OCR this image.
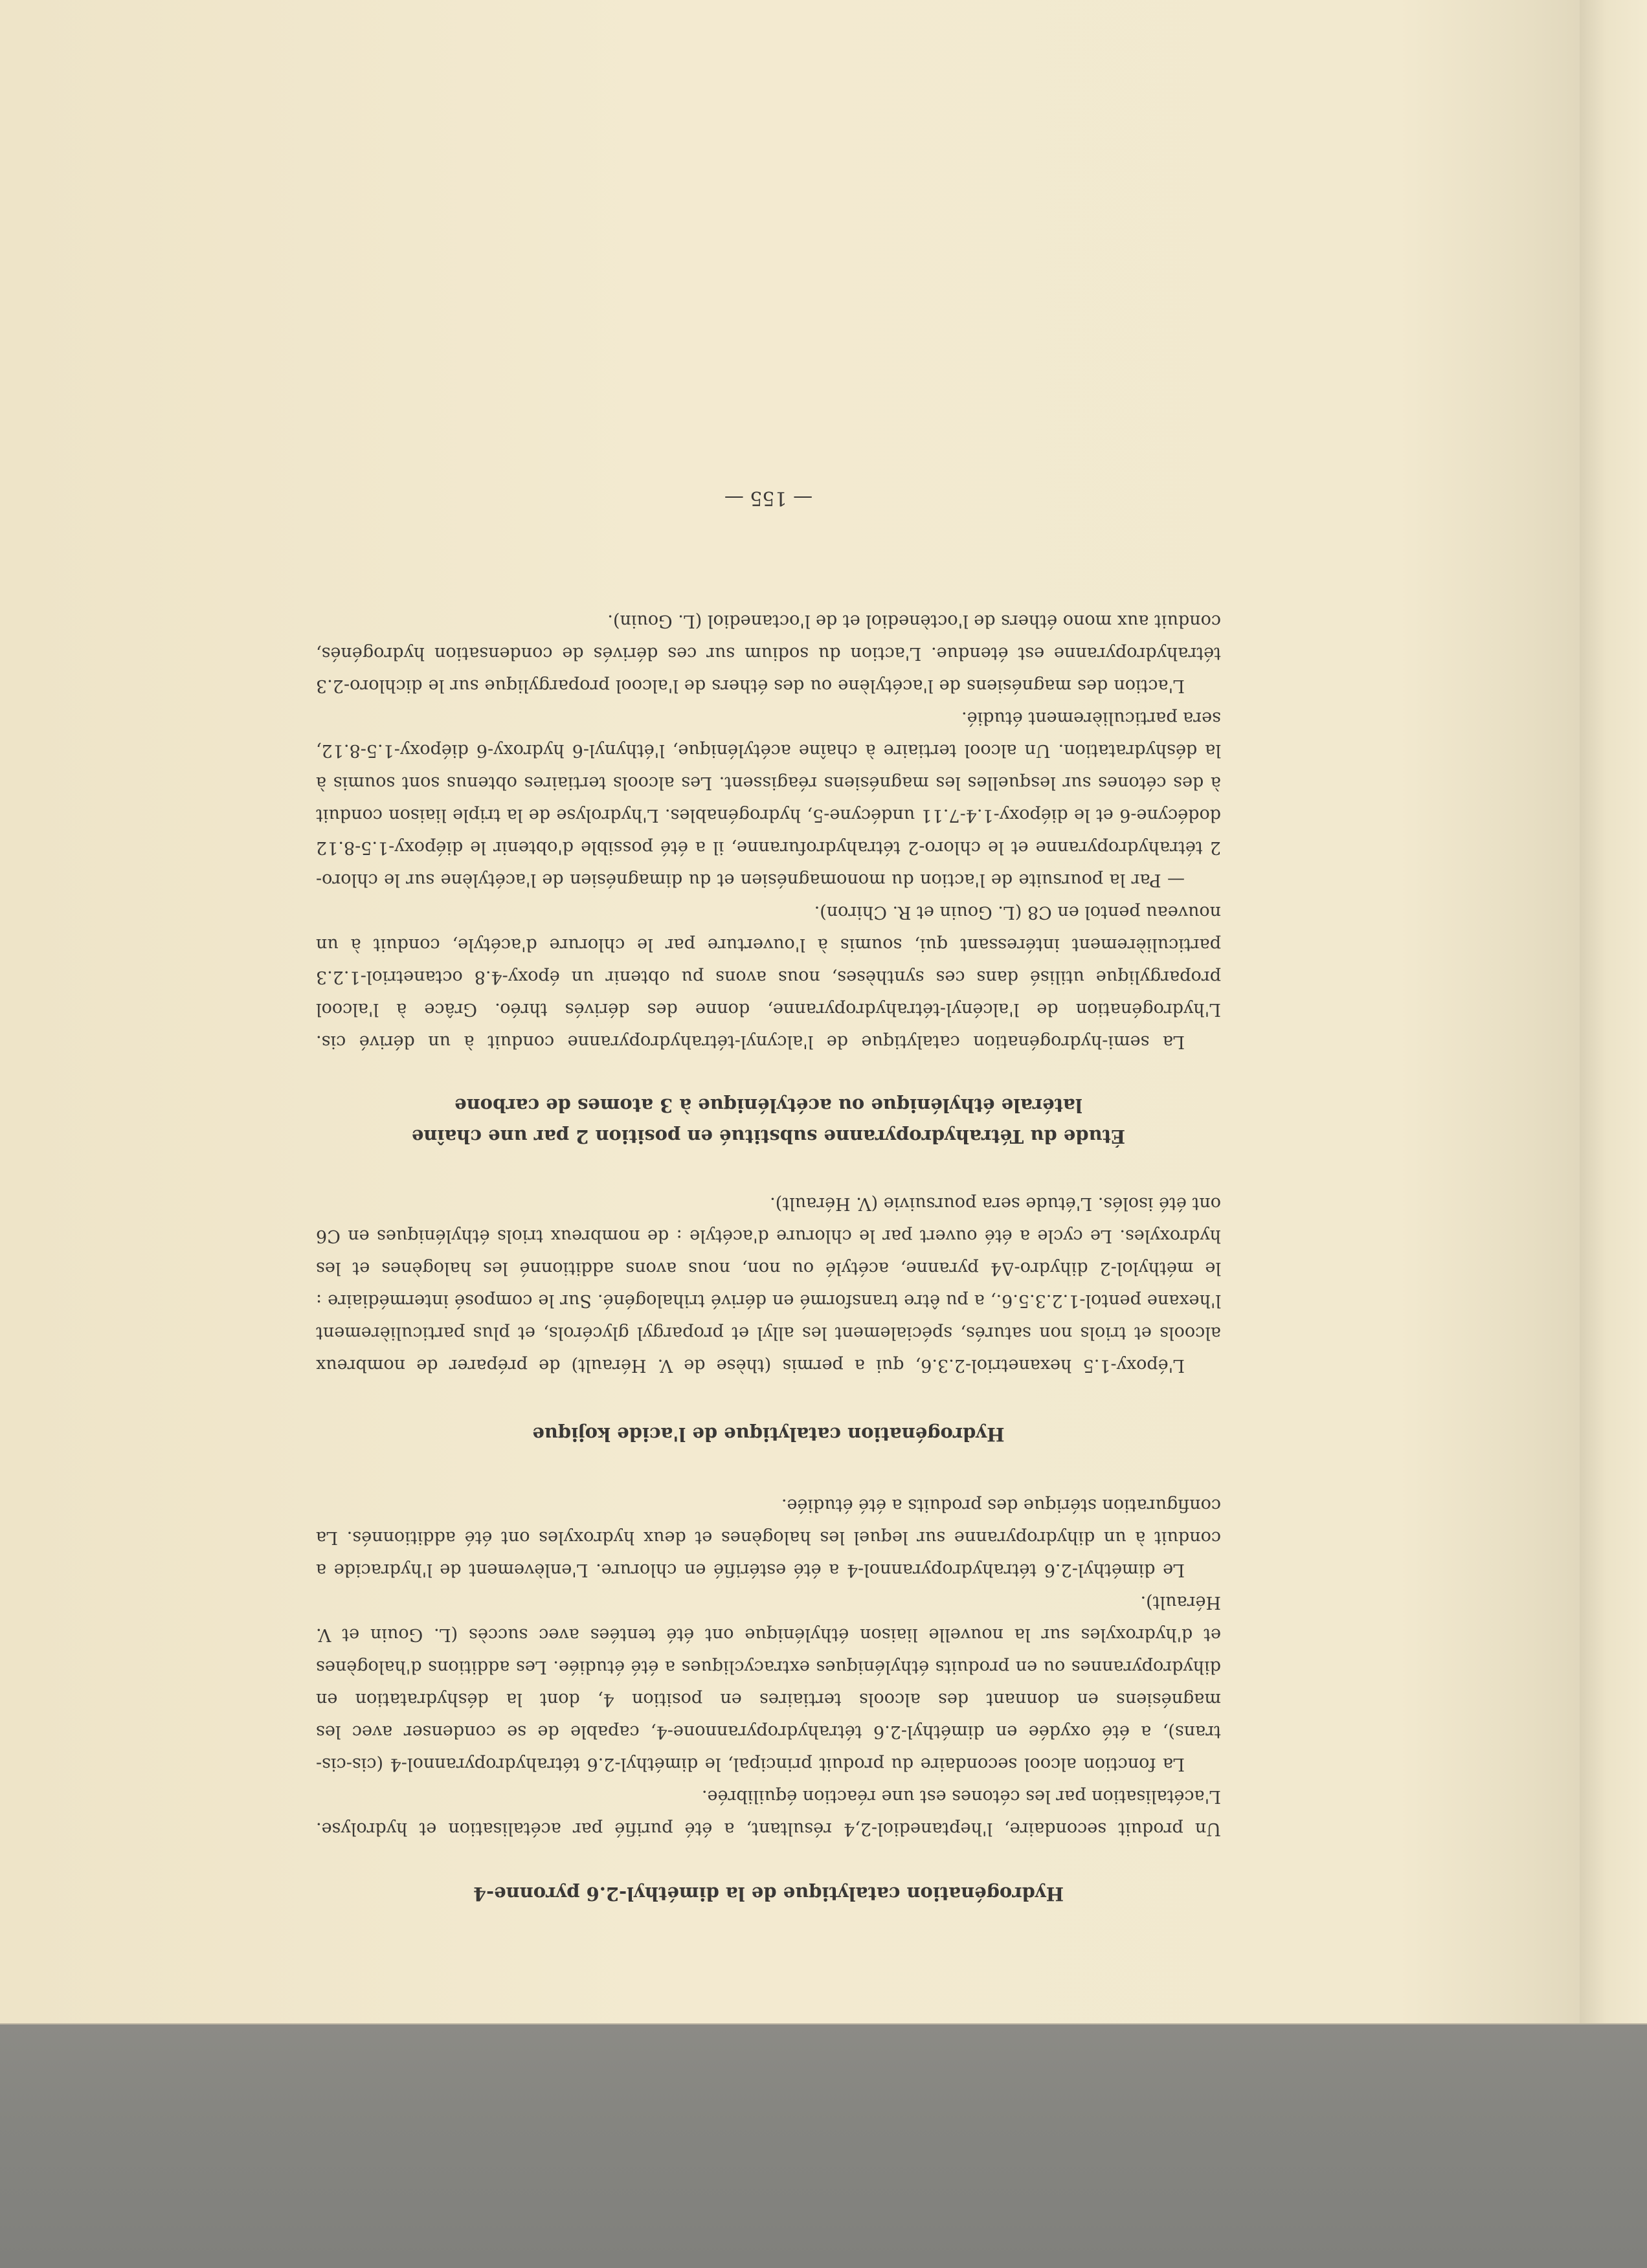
Hydrogénation catalytique de la diméthyl-2.6 pyronne-4

Un produit secondaire, l'heptanediol-2,4 résultant, a été purifié par acétalisation et hydrolyse. L'acétalisation par les cétones est une réaction équilibrée.

La fonction alcool secondaire du produit principal, le diméthyl-2.6 tétrahydropyrannol-4 (cis-cis-trans), a été oxydée en diméthyl-2.6 tétrahydropyrannone-4, capable de se condenser avec les magnésiens en donnant des alcools tertiaires en position 4, dont la déshydratation en dihydropyrannes ou en produits éthyléniques extracycliques a été étudiée. Les additions d'halogènes et d'hydroxyles sur la nouvelle liaison éthylénique ont été tentées avec succès (L. Gouin et V. Hérault).

Le diméthyl-2.6 tétrahydropyrannol-4 a été estérifié en chlorure. L'enlèvement de l'hydracide a conduit à un dihydropyranne sur lequel les halogènes et deux hydroxyles ont été additionnés. La configuration stérique des produits a été étudiée.

Hydrogénation catalytique de l'acide kojique

L'époxy-1.5 hexanetriol-2.3.6, qui a permis (thèse de V. Hérault) de préparer de nombreux alcools et triols non saturés, spécialement les allyl et propargyl glycérols, et plus particulièrement l'hexane pentol-1.2.3.5.6., a pu être transformé en dérivé trihalogéné. Sur le composé intermédiaire : le méthylol-2 dihydro-Δ4 pyranne, acétylé ou non, nous avons additionné les halogènes et les hydroxyles. Le cycle a été ouvert par le chlorure d'acétyle : de nombreux triols éthyléniques en C6 ont été isolés. L'étude sera poursuivie (V. Hérault).

Étude du Tétrahydropyranne substitué en position 2 par une chaîne
latérale éthylénique ou acétylénique à 3 atomes de carbone

La semi-hydrogénation catalytique de l'alcynyl-tétrahydropyranne conduit à un dérivé cis. L'hydrogénation de l'alcényl-tétrahydropyranne, donne des dérivés thréo. Grâce à l'alcool propargylique utilisé dans ces synthèses, nous avons pu obtenir un époxy-4.8 octanetriol-1.2.3 particulièrement intéressant qui, soumis à l'ouverture par le chlorure d'acétyle, conduit à un nouveau pentol en C8 (L. Gouin et R. Chiron).

— Par la poursuite de l'action du monomagnésien et du dimagnésien de l'acétylène sur le chloro-2 tétrahydropyranne et le chloro-2 tétrahydrofuranne, il a été possible d'obtenir le diépoxy-1.5-8.12 dodécyne-6 et le diépoxy-1.4-7.11 undécyne-5, hydrogénables. L'hydrolyse de la triple liaison conduit à des cétones sur lesquelles les magnésiens réagissent. Les alcools tertiaires obtenus sont soumis à la déshydratation. Un alcool tertiaire à chaîne acétylénique, l'éthynyl-6 hydroxy-6 diépoxy-1.5-8.12, sera particulièrement étudié.

L'action des magnésiens de l'acétylène ou des éthers de l'alcool propargylique sur le dichloro-2.3 tétrahydropyranne est étendue. L'action du sodium sur ces dérivés de condensation hydrogénés, conduit aux mono éthers de l'octènediol et de l'octanediol (L. Gouin).

— 155 —
